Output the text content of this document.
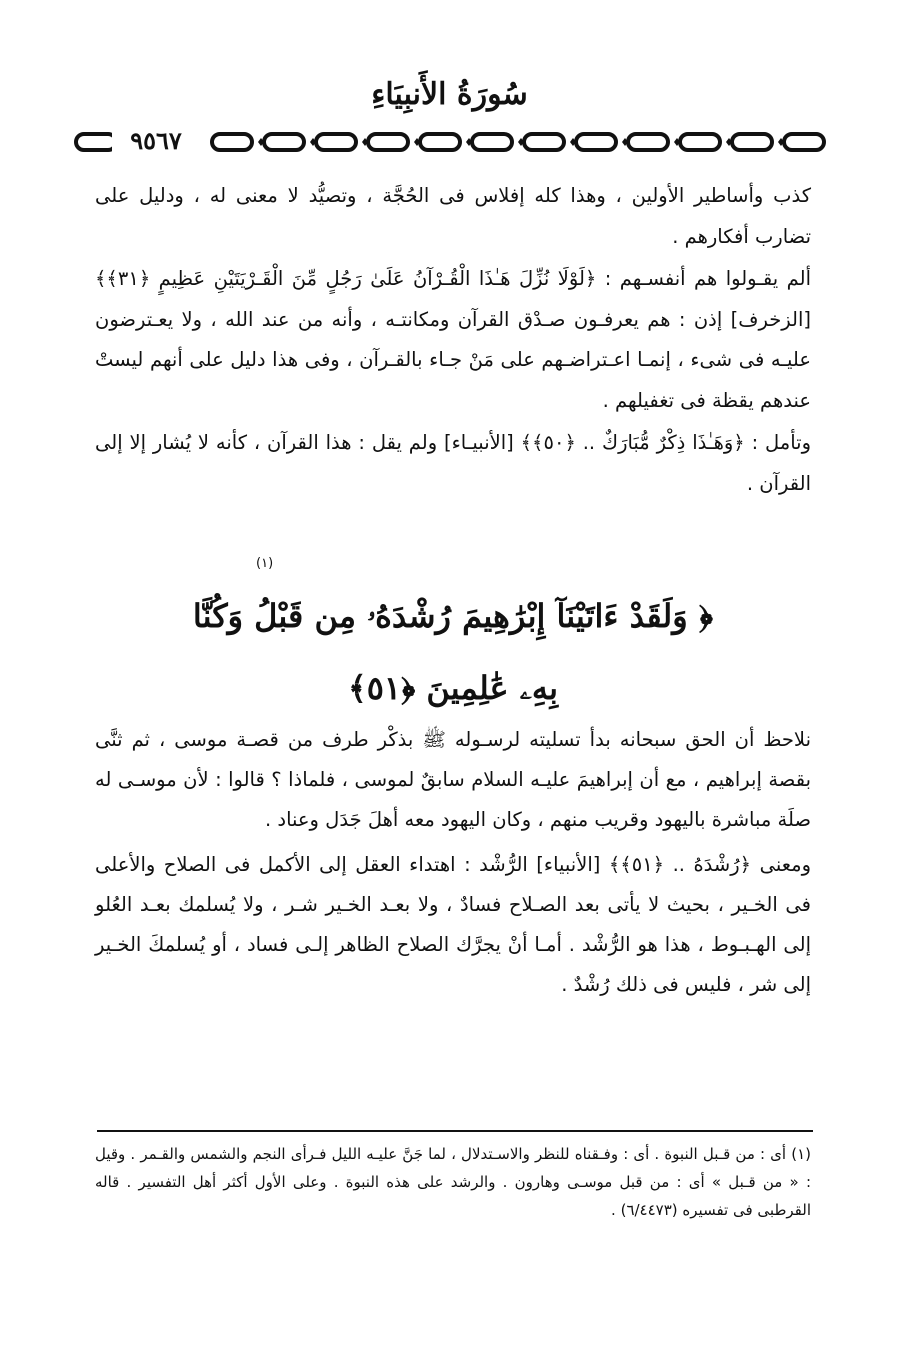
سُورَةُ الأَنبِيَاءِ
٩٥٦٧

كذب وأساطير الأولين ، وهذا كله إفلاس فى الحُجَّة ، وتصيُّد لا معنى له ، ودليل على تضارب أفكارهم .

ألم يقـولوا هم أنفسـهم : ﴿لَوْلَا نُزِّلَ هَـٰذَا الْقُـرْآنُ عَلَىٰ رَجُلٍ مِّنَ الْقَـرْيَتَيْنِ عَظِيمٍ ﴿٣١﴾﴾ [الزخرف] إذن : هم يعرفـون صـدْق القرآن ومكانتـه ، وأنه من عند الله ، ولا يعـترضون عليـه فى شىء ، إنمـا اعـتراضـهم على مَنْ جـاء بالقـرآن ، وفى هذا دليل على أنهم ليستْ عندهم يقظة فى تغفيلهم .

وتأمل : ﴿وَهَـٰذَا ذِكْرٌ مُّبَارَكٌ .. ﴿٥٠﴾﴾ [الأنبيـاء] ولم يقل : هذا القرآن ، كأنه لا يُشار إلا إلى القرآن .

(١)
﴿ وَلَقَدْ ءَاتَيْنَآ إِبْرَٰهِيمَ رُشْدَهُۥ مِن قَبْلُ وَكُنَّا
بِهِۦ عَٰلِمِينَ ﴿٥١﴾

نلاحظ أن الحق سبحانه بدأ تسليته لرسـوله ﷺ بذكْر طرف من قصـة موسى ، ثم ثنَّى بقصة إبراهيم ، مع أن إبراهيمَ عليـه السلام سابقٌ لموسى ، فلماذا ؟ قالوا : لأن موسـى له صلَة مباشرة باليهود وقريب منهم ، وكان اليهود معه أهلَ جَدَل وعناد .

ومعنى ﴿رُشْدَهُ .. ﴿٥١﴾﴾ [الأنبياء] الرُّشْد : اهتداء العقل إلى الأكمل فى الصلاح والأعلى فى الخـير ، بحيث لا يأتى بعد الصـلاح فسادٌ ، ولا بعـد الخـير شـر ، ولا يُسلمك بعـد العُلو إلى الهـبـوط ، هذا هو الرُّشْد . أمـا أنْ يجرَّك الصلاح الظاهر إلـى فساد ، أو يُسلمكَ الخـير إلى شر ، فليس فى ذلك رُشْدٌ .

(١) أى : من قـبل النبوة . أى : وفـقناه للنظر والاسـتدلال ، لما جَنَّ عليـه الليل فـرأى النجم والشمس والقـمر . وقيل : « من قـبل » أى : من قبل موسـى وهارون . والرشد على هذه النبوة . وعلى الأول أكثر أهل التفسير . قاله القرطبى فى تفسيره (٦/٤٤٧٣) .
